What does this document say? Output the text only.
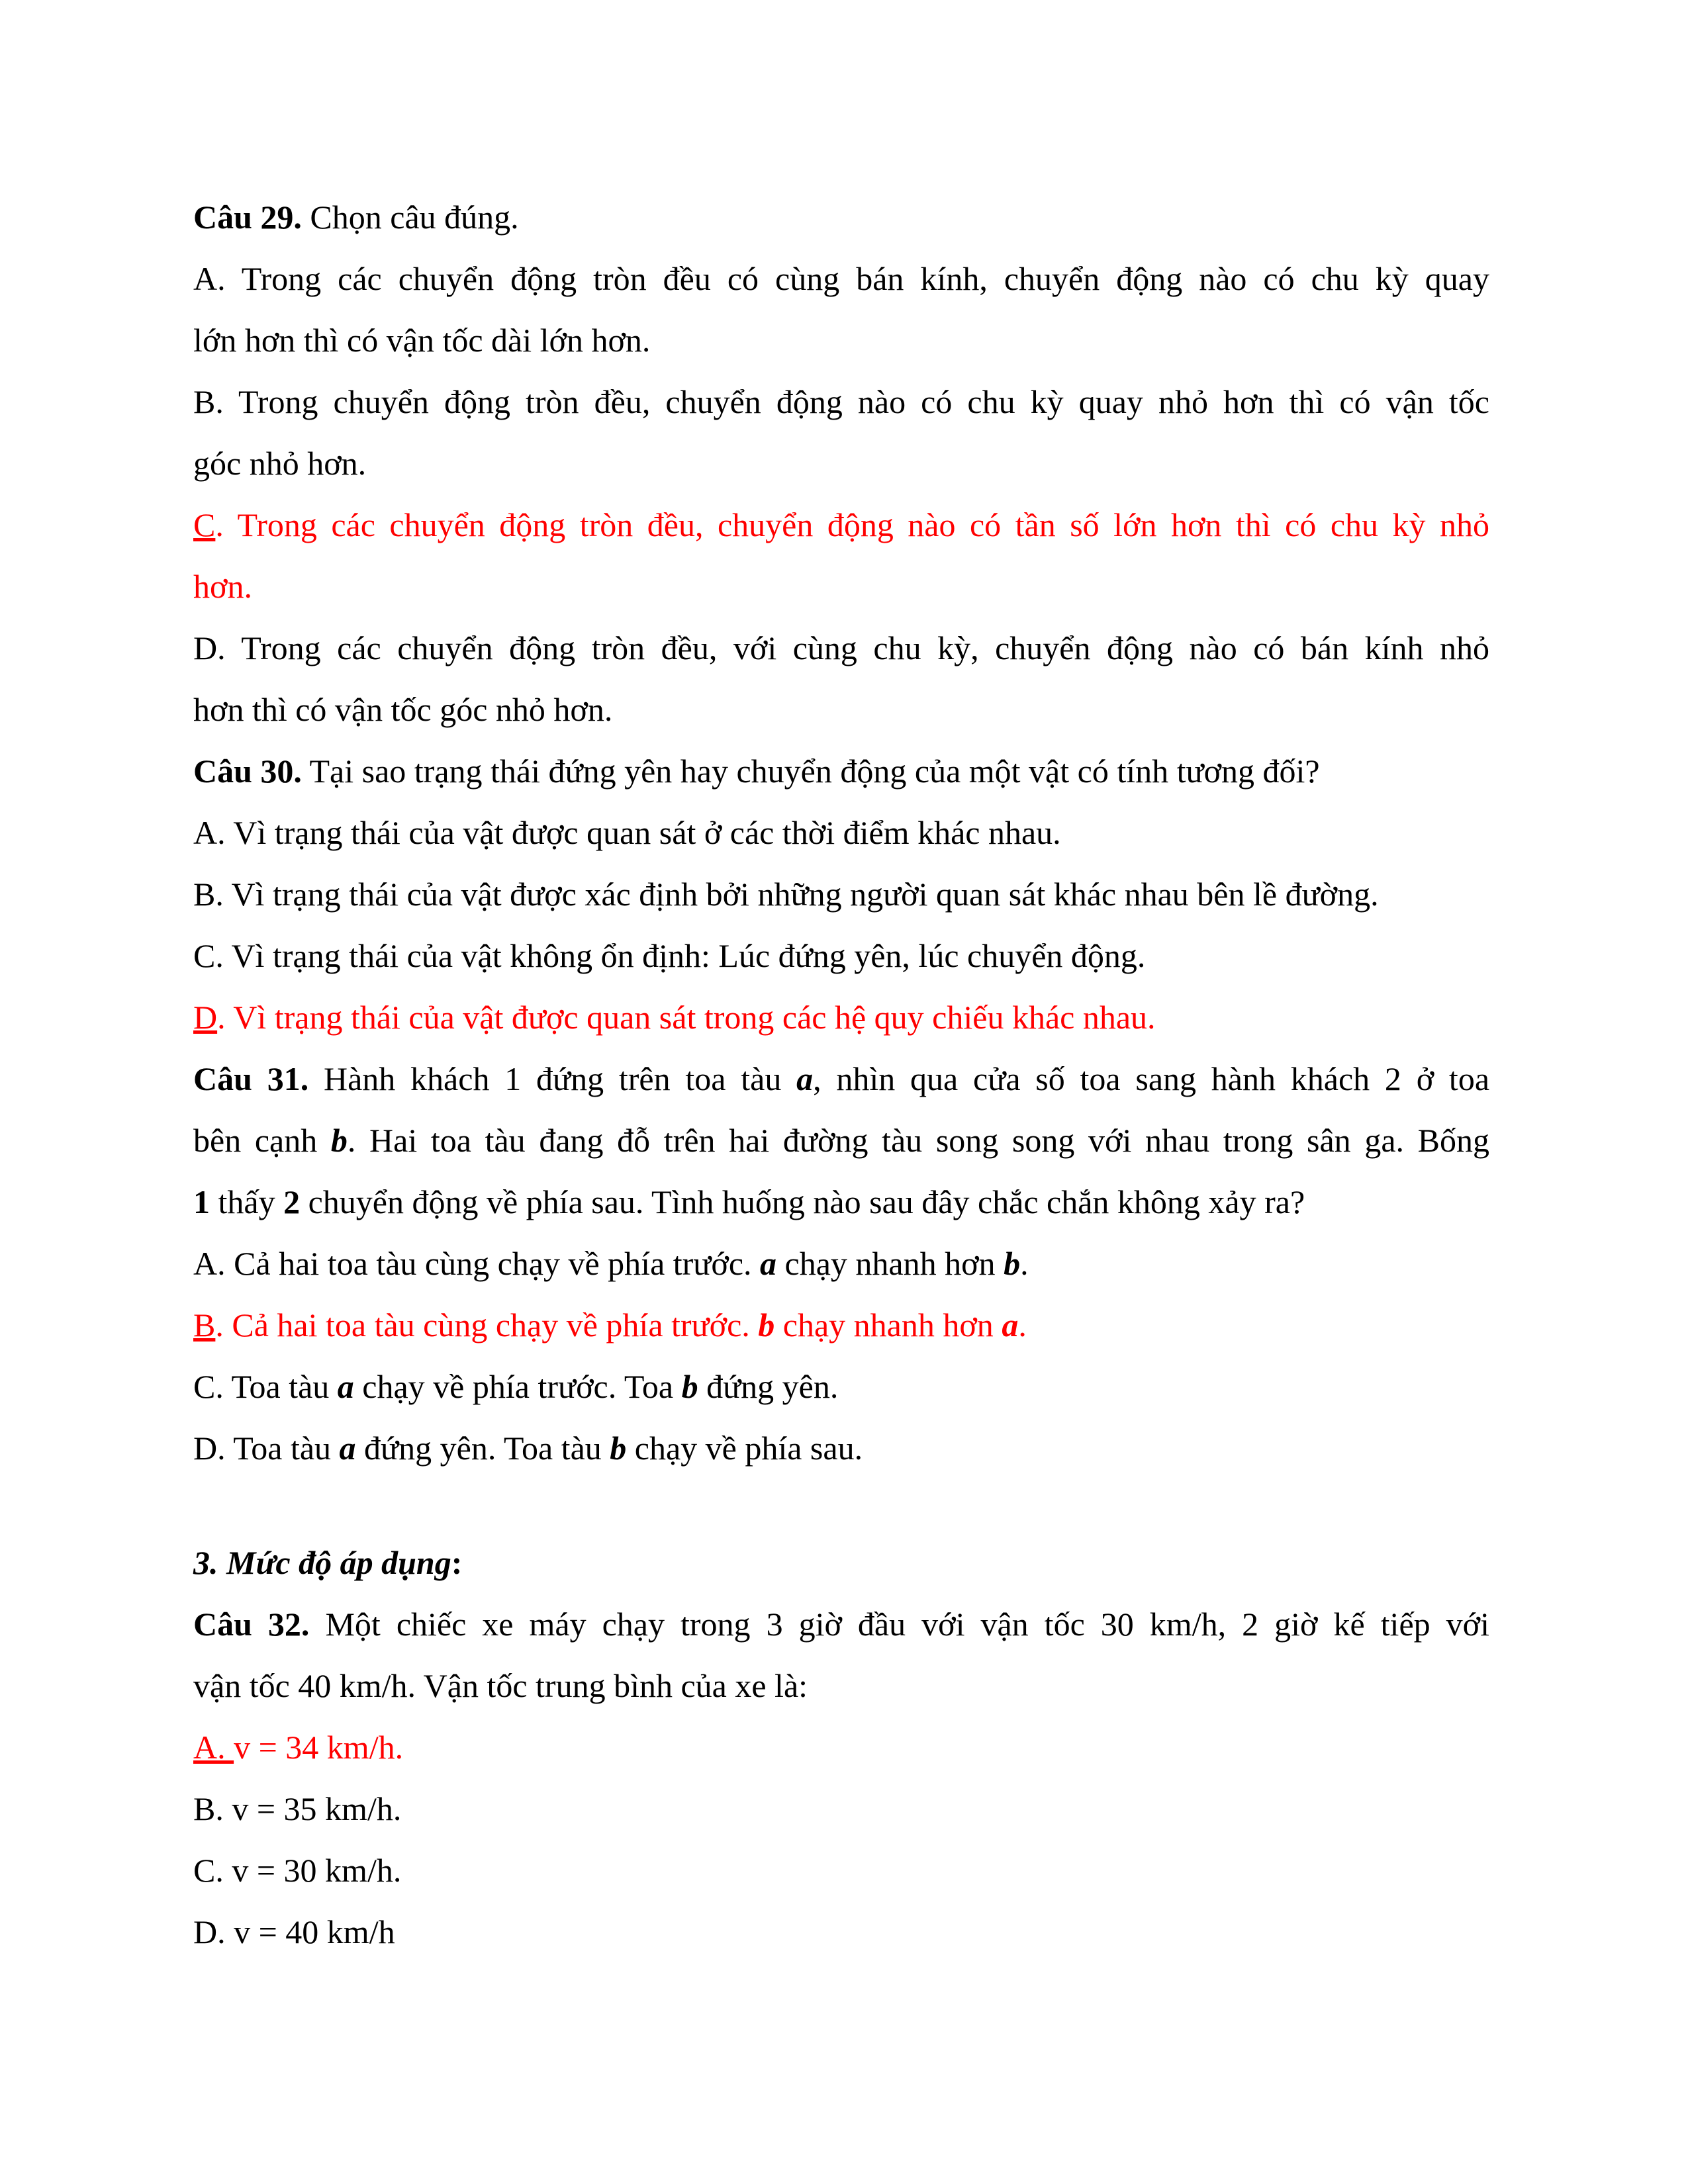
Câu 29. Chọn câu đúng.
A. Trong các chuyển động tròn đều có cùng bán kính, chuyển động nào có chu kỳ quay
lớn hơn thì có vận tốc dài lớn hơn.
B. Trong chuyển động tròn đều, chuyển động nào có chu kỳ quay nhỏ hơn thì có vận tốc
góc nhỏ hơn.
C. Trong các chuyển động tròn đều, chuyển động nào có tần số lớn hơn thì có chu kỳ nhỏ
hơn.
D. Trong các chuyển động tròn đều, với cùng chu kỳ, chuyển động nào có bán kính nhỏ
hơn thì có vận tốc góc nhỏ hơn.
Câu 30. Tại sao trạng thái đứng yên hay chuyển động của một vật có tính tương đối?
A. Vì trạng thái của vật được quan sát ở các thời điểm khác nhau.
B. Vì trạng thái của vật được xác định bởi những người quan sát khác nhau bên lề đường.
C. Vì trạng thái của vật không ổn định: Lúc đứng yên, lúc chuyển động.
D. Vì trạng thái của vật được quan sát trong các hệ quy chiếu khác nhau.
Câu 31. Hành khách 1 đứng trên toa tàu a, nhìn qua cửa số toa sang hành khách 2 ở toa
bên cạnh b. Hai toa tàu đang đỗ trên hai đường tàu song song với nhau trong sân ga. Bống
1 thấy 2 chuyển động về phía sau. Tình huống nào sau đây chắc chắn không xảy ra?
A. Cả hai toa tàu cùng chạy về phía trước. a chạy nhanh hơn b.
B. Cả hai toa tàu cùng chạy về phía trước. b chạy nhanh hơn a.
C. Toa tàu a chạy về phía trước. Toa b đứng yên.
D. Toa tàu a đứng yên. Toa tàu b chạy về phía sau.
3. Mức độ áp dụng:
Câu 32. Một chiếc xe máy chạy trong 3 giờ đầu với vận tốc 30 km/h, 2 giờ kế tiếp với
vận tốc 40 km/h. Vận tốc trung bình của xe là:
A. v = 34 km/h.
B. v = 35 km/h.
C. v = 30 km/h.
D. v = 40 km/h
